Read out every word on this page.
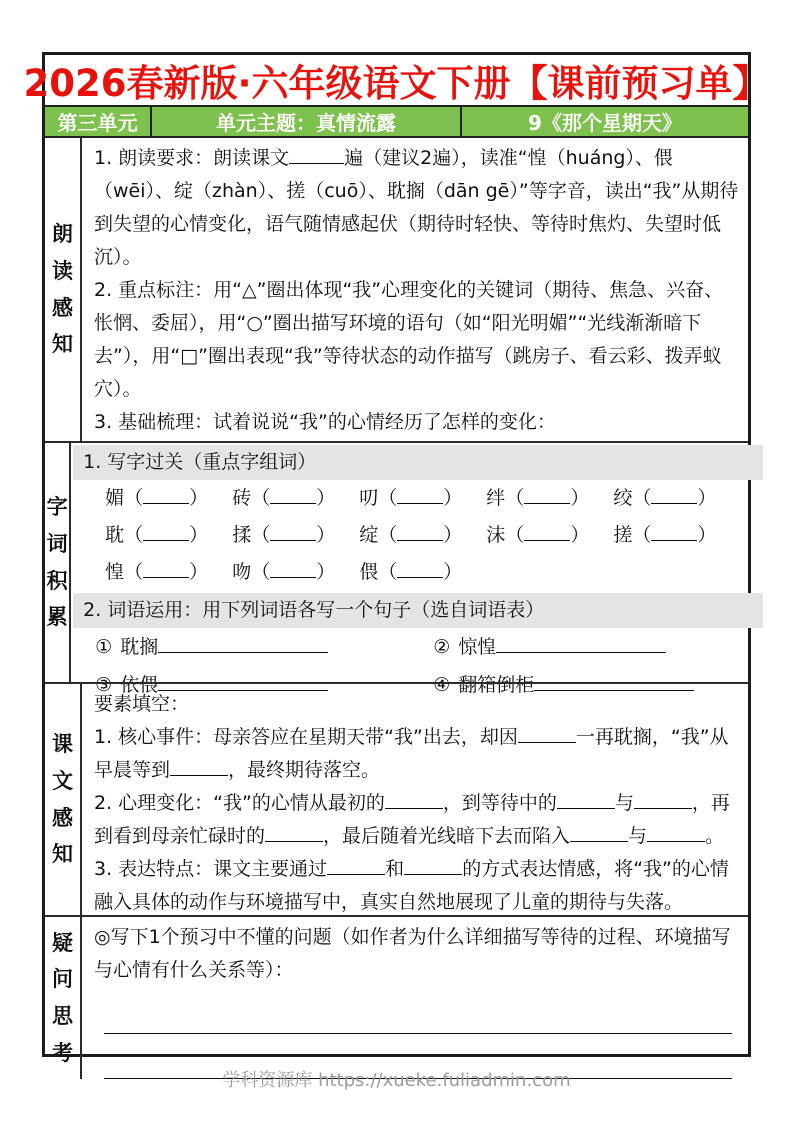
2026春新版·六年级语文下册【课前预习单】
第三单元	单元主题：真情流露	9《那个星期天》
朗读感知

1. 朗读要求：朗读课文	遍（建议2遍），读准“惶（huáng）、偎（wēi）、绽（zhàn）、搓（cuō）、耽搁（dān gē）”等字音，读出“我”从期待到失望的心情变化，语气随情感起伏（期待时轻快、等待时焦灼、失望时低沉）。

2. 重点标注：用“△”圈出体现“我”心理变化的关键词（期待、焦急、兴奋、怅惘、委屈），用“○”圈出描写环境的语句（如“阳光明媚”“光线渐渐暗下去”），用“□”圈出表现“我”等待状态的动作描写（跳房子、看云彩、拨弄蚁穴）。

3. 基础梳理：试着说说“我”的心情经历了怎样的变化：

字词积累
1. 写字过关（重点字组词）
媚（ ） 砖（ ） 叨（ ） 绊（ ） 绞（ ）
耽（ ） 揉（ ） 绽（ ） 沫（ ） 搓（ ）
惶（ ） 吻（ ） 偎（ ）
2. 词语运用：用下列词语各写一个句子（选自词语表）
① 耽搁	② 惊惶
③ 依偎	④ 翻箱倒柜
课文感知

要素填空：

1. 核心事件：母亲答应在星期天带“我”出去，却因	一再耽搁，“我”从早晨等到	，最终期待落空。

2. 心理变化：“我”的心情从最初的	，到等待中的	与	，再到看到母亲忙碌时的	，最后随着光线暗下去而陷入	与	。

3. 表达特点：课文主要通过	和	的方式表达情感，将“我”的心情融入具体的动作与环境描写中，真实自然地展现了儿童的期待与失落。

疑问思考

◎写下1个预习中不懂的问题（如作者为什么详细描写等待的过程、环境描写与心情有什么关系等）：

学科资源库 https://xueke.fuliadmin.com
